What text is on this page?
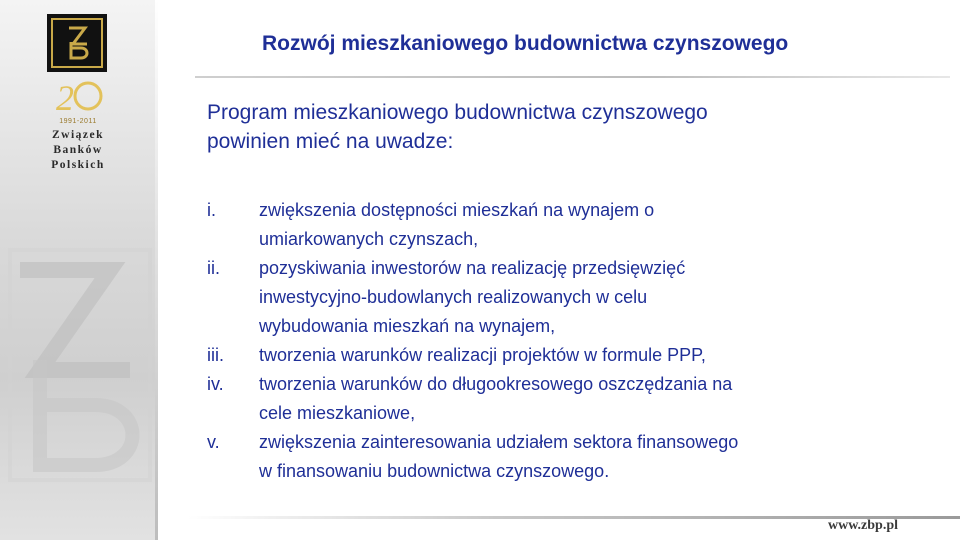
2
1991-2011
Związek
Banków
Polskich
Rozwój mieszkaniowego budownictwa czynszowego
Program mieszkaniowego budownictwa czynszowego
powinien mieć na uwadze:
i. zwiększenia dostępności mieszkań na wynajem o
umiarkowanych czynszach,
ii. pozyskiwania inwestorów na realizację przedsięwzięć
inwestycyjno-budowlanych realizowanych w celu
wybudowania mieszkań na wynajem,
iii. tworzenia warunków realizacji projektów w formule PPP,
iv. tworzenia warunków do długookresowego oszczędzania na
cele mieszkaniowe,
v. zwiększenia zainteresowania udziałem sektora finansowego
w finansowaniu budownictwa czynszowego.
www.zbp.pl
